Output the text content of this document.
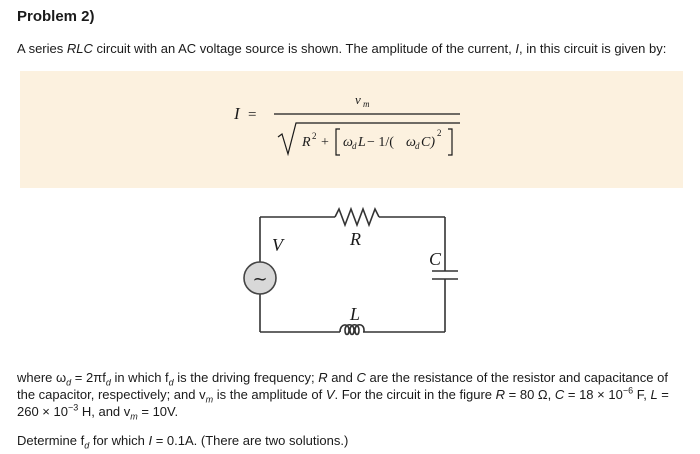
Problem 2)
A series RLC circuit with an AC voltage source is shown. The amplitude of the current, I, in this circuit is given by:
I =
v m
R 2 + ω d L − 1/( ω d C)
2
~
V	R
C
L
where $\omega_d = 2\pi f_d$ in which $f_d$ is the driving frequency; R and C are the resistance of the resistor and capacitance of
the capacitor, respectively; and $v_m$ is the amplitude of V. For the circuit in the figure R = 80 Ω, $C = 18 \times 10^{-6}$ F, L =
$260 \times 10^{-3}$ H, and $v_m = 10V$.
Determine $f_d$ for which I = 0.1A. (There are two solutions.)
